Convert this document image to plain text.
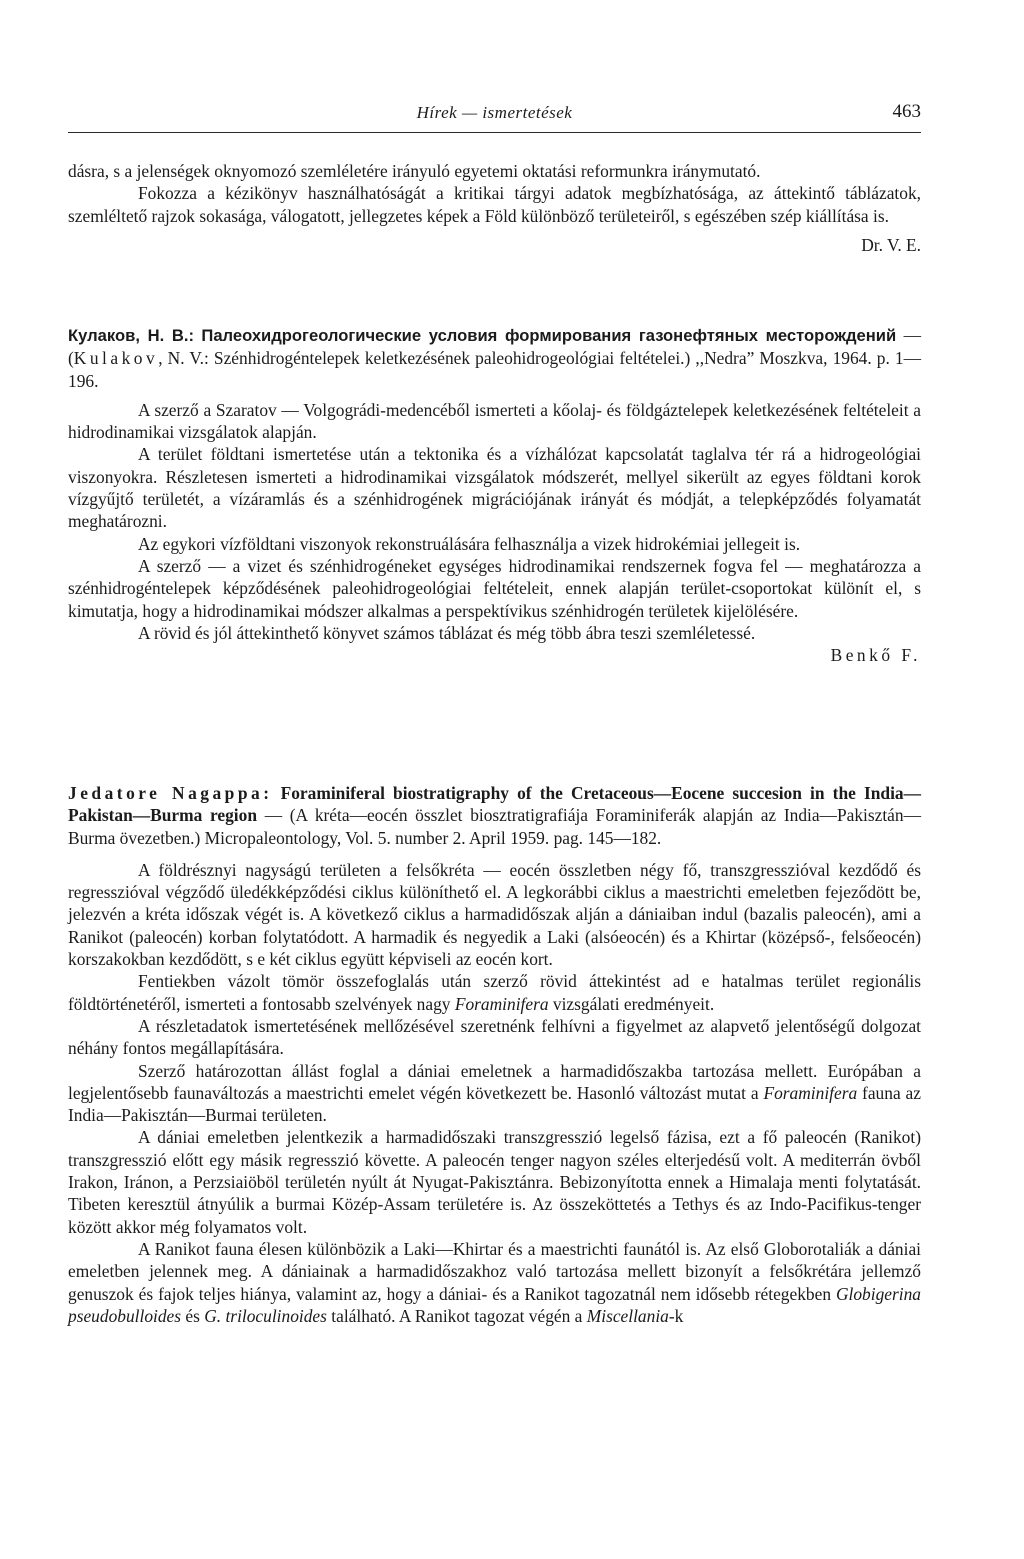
Hírek — ismertetések	463

dásra, s a jelenségek oknyomozó szemléletére irányuló egyetemi oktatási reformunkra iránymutató.

Fokozza a kézikönyv használhatóságát a kritikai tárgyi adatok megbízhatósága, az áttekintő táblázatok, szemléltető rajzok sokasága, válogatott, jellegzetes képek a Föld különböző területeiről, s egészében szép kiállítása is.

Dr. V. E.

Кулаков, Н. В.: Палеохидрогеологические условия формирования газонефтяных месторождений — (Kulakov, N. V.: Szénhidrogéntelepek keletkezésének paleohidrogeológiai feltételei.) ,,Nedra” Moszkva, 1964. p. 1—196.

A szerző a Szaratov — Volgográdi-medencéből ismerteti a kőolaj- és földgáztelepek keletkezésének feltételeit a hidrodinamikai vizsgálatok alapján.

A terület földtani ismertetése után a tektonika és a vízhálózat kapcsolatát taglalva tér rá a hidrogeológiai viszonyokra. Részletesen ismerteti a hidrodinamikai vizsgálatok módszerét, mellyel sikerült az egyes földtani korok vízgyűjtő területét, a vízáramlás és a szénhidrogének migrációjának irányát és módját, a telepképződés folyamatát meghatározni.

Az egykori vízföldtani viszonyok rekonstruálására felhasználja a vizek hidrokémiai jellegeit is.

A szerző — a vizet és szénhidrogéneket egységes hidrodinamikai rendszernek fogva fel — meghatározza a szénhidrogéntelepek képződésének paleohidrogeológiai feltételeit, ennek alapján terület-csoportokat különít el, s kimutatja, hogy a hidrodinamikai módszer alkalmas a perspektívikus szénhidrogén területek kijelölésére.

A rövid és jól áttekinthető könyvet számos táblázat és még több ábra teszi szemléletessé.

Benkő F.

Jedatore Nagappa: Foraminiferal biostratigraphy of the Cretaceous—Eocene succesion in the India—Pakistan—Burma region — (A kréta—eocén összlet biosztratigrafiája Foraminiferák alapján az India—Pakisztán—Burma övezetben.) Micropaleontology, Vol. 5. number 2. April 1959. pag. 145—182.

A földrésznyi nagyságú területen a felsőkréta — eocén összletben négy fő, transzgresszióval kezdődő és regresszióval végződő üledékképződési ciklus különíthető el. A legkorábbi ciklus a maestrichti emeletben fejeződött be, jelezvén a kréta időszak végét is. A következő ciklus a harmadidőszak alján a dániaiban indul (bazalis paleocén), ami a Ranikot (paleocén) korban folytatódott. A harmadik és negyedik a Laki (alsóeocén) és a Khirtar (középső-, felsőeocén) korszakokban kezdődött, s e két ciklus együtt képviseli az eocén kort.

Fentiekben vázolt tömör összefoglalás után szerző rövid áttekintést ad e hatalmas terület regionális földtörténetéről, ismerteti a fontosabb szelvények nagy Foraminifera vizsgálati eredményeit.

A részletadatok ismertetésének mellőzésével szeretnénk felhívni a figyelmet az alapvető jelentőségű dolgozat néhány fontos megállapítására.

Szerző határozottan állást foglal a dániai emeletnek a harmadidőszakba tartozása mellett. Európában a legjelentősebb faunaváltozás a maestrichti emelet végén következett be. Hasonló változást mutat a Foraminifera fauna az India—Pakisztán—Burmai területen.

A dániai emeletben jelentkezik a harmadidőszaki transzgresszió legelső fázisa, ezt a fő paleocén (Ranikot) transzgresszió előtt egy másik regresszió követte. A paleocén tenger nagyon széles elterjedésű volt. A mediterrán övből Irakon, Iránon, a Perzsiaiöböl területén nyúlt át Nyugat-Pakisztánra. Bebizonyította ennek a Himalaja menti folytatását. Tibeten keresztül átnyúlik a burmai Közép-Assam területére is. Az összeköttetés a Tethys és az Indo-Pacifikus-tenger között akkor még folyamatos volt.

A Ranikot fauna élesen különbözik a Laki—Khirtar és a maestrichti faunától is. Az első Globorotaliák a dániai emeletben jelennek meg. A dániainak a harmadidőszakhoz való tartozása mellett bizonyít a felsőkrétára jellemző genuszok és fajok teljes hiánya, valamint az, hogy a dániai- és a Ranikot tagozatnál nem idősebb rétegekben Globigerina pseudobulloides és G. triloculinoides található. A Ranikot tagozat végén a Miscellania-k
